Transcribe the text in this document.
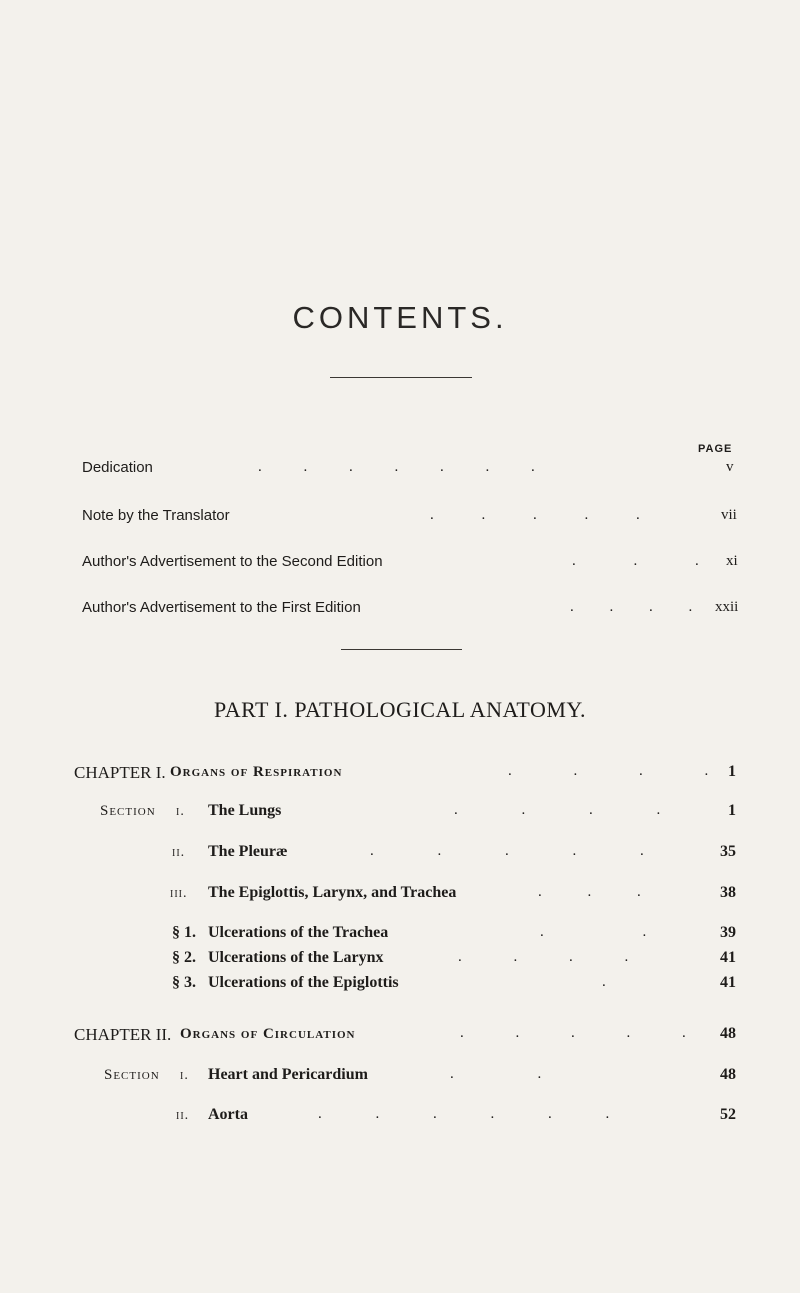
CONTENTS.
PAGE
Dedication	. . . . . . .	v
Note by the Translator	. . . . .	vii
Author's Advertisement to the Second Edition	. . . xi
Author's Advertisement to the First Edition	. . . . xxii
PART I. PATHOLOGICAL ANATOMY.
CHAPTER I. Organs of Respiration	. . . .	1
Section i. The Lungs	. . . .	1
ii. The Pleuræ	. . . . .	35
iii. The Epiglottis, Larynx, and Trachea	. . .	38
§ 1. Ulcerations of the Trachea	. .	39
§ 2. Ulcerations of the Larynx	. . . .	41
§ 3. Ulcerations of the Epiglottis	.	41
CHAPTER II. Organs of Circulation	. . . . .	48
Section i. Heart and Pericardium	. .	48
ii. Aorta	. . . . . .	52
